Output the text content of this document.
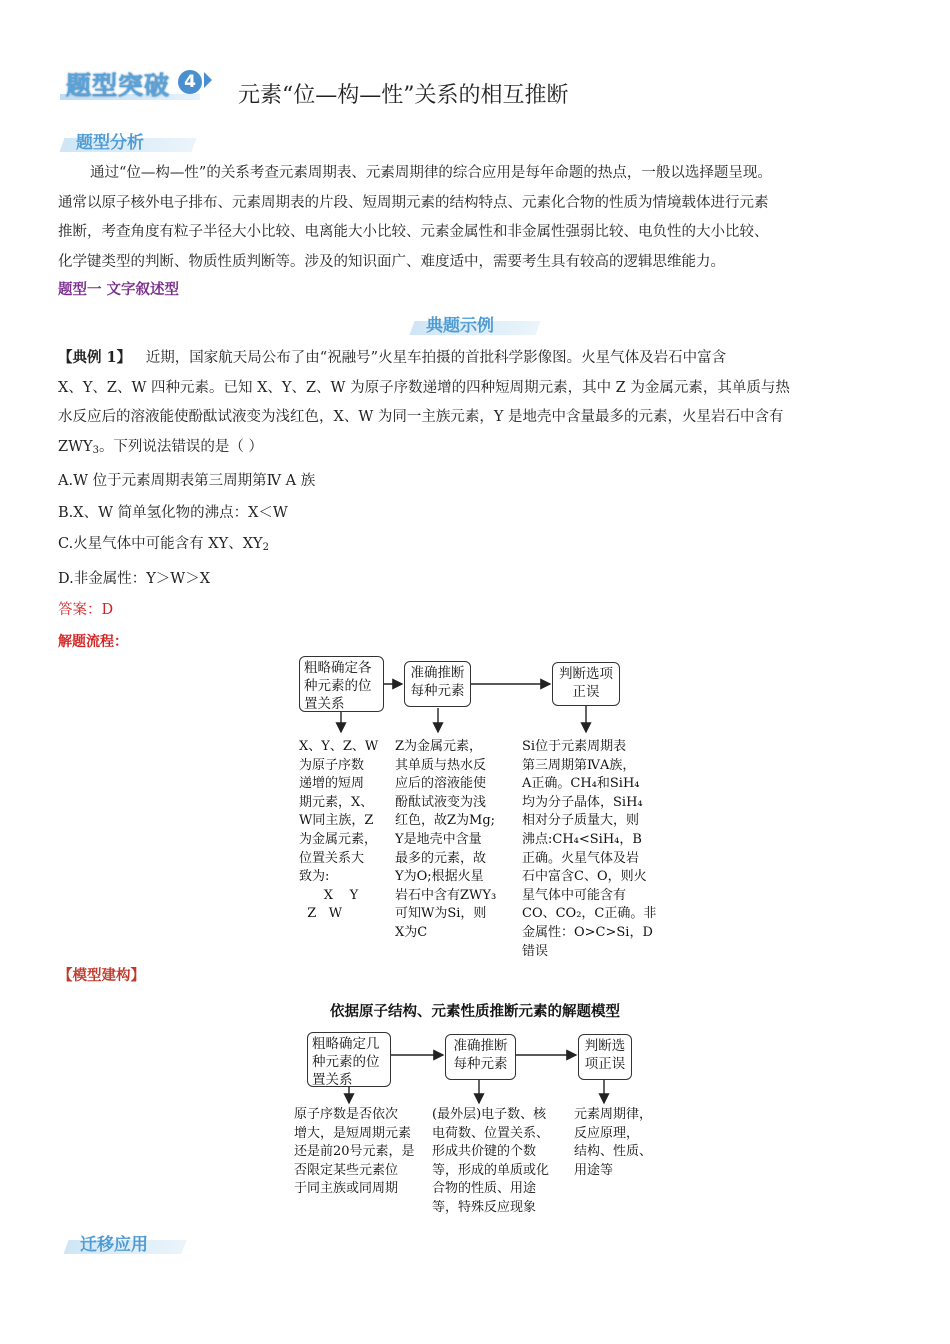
题型突破 4
元素“位—构—性”关系的相互推断
题型分析
通过“位—构—性”的关系考查元素周期表、元素周期律的综合应用是每年命题的热点，一般以选择题呈现。
通常以原子核外电子排布、元素周期表的片段、短周期元素的结构特点、元素化合物的性质为情境载体进行元素
推断，考查角度有粒子半径大小比较、电离能大小比较、元素金属性和非金属性强弱比较、电负性的大小比较、
化学键类型的判断、物质性质判断等。涉及的知识面广、难度适中，需要考生具有较高的逻辑思维能力。
题型一 文字叙述型
典题示例
【典例 1】 近期，国家航天局公布了由“祝融号”火星车拍摄的首批科学影像图。火星气体及岩石中富含
X、Y、Z、W 四种元素。已知 X、Y、Z、W 为原子序数递增的四种短周期元素，其中 Z 为金属元素，其单质与热
水反应后的溶液能使酚酞试液变为浅红色，X、W 为同一主族元素，Y 是地壳中含量最多的元素，火星岩石中含有
$ZWY_3$。下列说法错误的是（ ）
A.W 位于元素周期表第三周期第Ⅳ A 族
B.X、W 简单氢化物的沸点：X＜W
C.火星气体中可能含有 XY、$XY_2$
D.非金属性：Y＞W＞X
答案：D
解题流程：
粗略确定各种元素的位置关系
准确推断每种元素
判断选项正误
X、Y、Z、W
为原子序数
递增的短周
期元素，X、
W同主族，Z
为金属元素，
位置关系大
致为:
X    Y
Z   W
Z为金属元素，
其单质与热水反
应后的溶液能使
酚酞试液变为浅
红色，故Z为Mg;
Y是地壳中含量
最多的元素，故
Y为O;根据火星
岩石中含有ZWY₃
可知W为Si，则
X为C
Si位于元素周期表
第三周期第ⅣA族，
A正确。CH₄和SiH₄
均为分子晶体，SiH₄
相对分子质量大，则
沸点:CH₄<SiH₄，B
正确。火星气体及岩
石中富含C、O，则火
星气体中可能含有
CO、CO₂，C正确。非
金属性：O>C>Si，D
错误
【模型建构】
依据原子结构、元素性质推断元素的解题模型
粗略确定几种元素的位置关系
准确推断每种元素
判断选项正误
原子序数是否依次
增大，是短周期元素
还是前20号元素，是
否限定某些元素位
于同主族或同周期
(最外层)电子数、核
电荷数、位置关系、
形成共价键的个数
等，形成的单质或化
合物的性质、用途
等，特殊反应现象
元素周期律，
反应原理，
结构、性质、
用途等
迁移应用
